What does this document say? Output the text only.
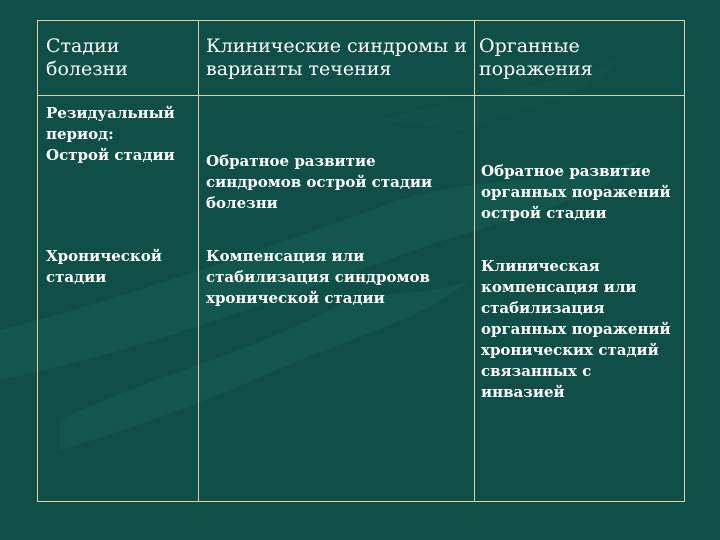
Стадии
болезни
Клинические синдромы и
варианты течения
Органные
поражения
Резидуальный
период:
Острой стадии Обратное развитие
синдромов острой стадии
болезни
Обратное развитие
органных поражений
острой стадии
Хронической
стадии
Компенсация или
стабилизация синдромов
хронической стадии
Клиническая
компенсация или
стабилизация
органных поражений
хронических стадий
связанных с
инвазией
